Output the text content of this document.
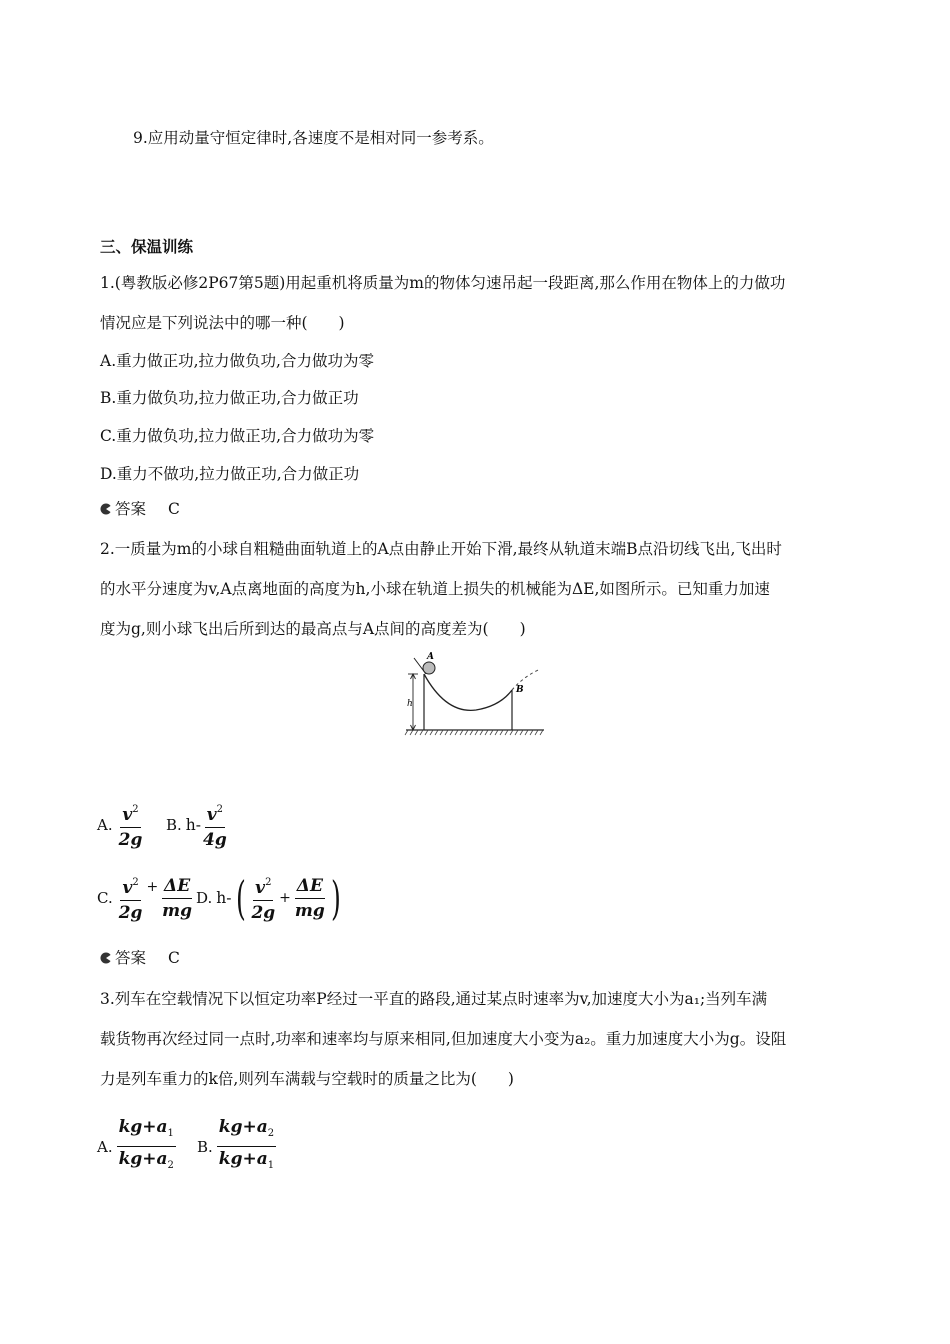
9.应用动量守恒定律时,各速度不是相对同一参考系。
三、保温训练
1.(粤教版必修2P67第5题)用起重机将质量为m的物体匀速吊起一段距离,那么作用在物体上的力做功
情况应是下列说法中的哪一种(　　)
A.重力做正功,拉力做负功,合力做功为零
B.重力做负功,拉力做正功,合力做正功
C.重力做负功,拉力做正功,合力做功为零
D.重力不做功,拉力做正功,合力做正功
答案 C
2.一质量为m的小球自粗糙曲面轨道上的A点由静止开始下滑,最终从轨道末端B点沿切线飞出,飞出时
的水平分速度为v,A点离地面的高度为h,小球在轨道上损失的机械能为ΔE,如图所示。已知重力加速
度为g,则小球飞出后所到达的最高点与A点间的高度差为(　　)
h
A
B
A. $\frac{v^2}{2g} B$. $h- \frac{v^2}{4g}$
C. $\frac{v^2}{2g} + \frac{\Delta E}{mg} D$. h- ( $\frac{v^2}{2g} + \frac{\Delta E}{mg}$ )
答案 C
3.列车在空载情况下以恒定功率P经过一平直的路段,通过某点时速率为v,加速度大小为a₁;当列车满
载货物再次经过同一点时,功率和速率均与原来相同,但加速度大小变为a₂。重力加速度大小为g。设阻
力是列车重力的k倍,则列车满载与空载时的质量之比为(　　)
A. $\frac{kg+a_1}{kg+a_2} B$. $\frac{kg+a_2}{kg+a_1}$
